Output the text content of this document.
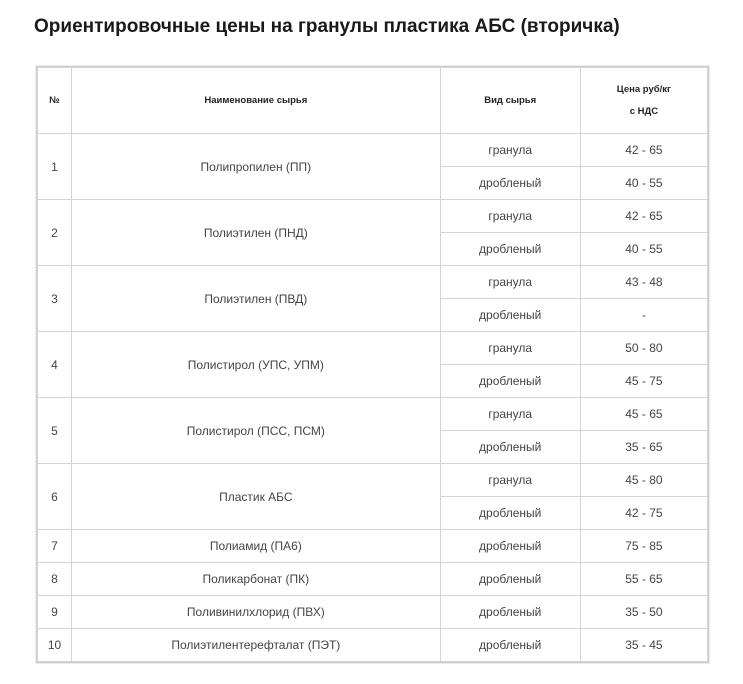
Ориентировочные цены на гранулы пластика АБС (вторичка)
№	Наименование сырья	Вид сырья	Цена руб/кг
с НДС
1	Полипропилен (ПП)	гранула	42 - 65
		дробленый	40 - 55
2	Полиэтилен (ПНД)	гранула	42 - 65
		дробленый	40 - 55
3	Полиэтилен (ПВД)	гранула	43 - 48
		дробленый	-
4	Полистирол (УПС, УПМ)	гранула	50 - 80
		дробленый	45 - 75
5	Полистирол (ПСС, ПСМ)	гранула	45 - 65
		дробленый	35 - 65
6	Пластик АБС	гранула	45 - 80
		дробленый	42 - 75
7	Полиамид (ПА6)	дробленый	75 - 85
8	Поликарбонат (ПК)	дробленый	55 - 65
9	Поливинилхлорид (ПВХ)	дробленый	35 - 50
10	Полиэтилентерефталат (ПЭТ)	дробленый	35 - 45
